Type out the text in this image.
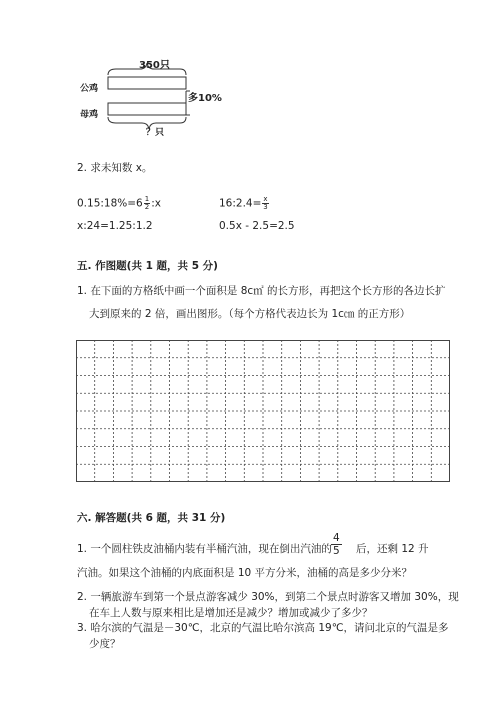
350只
公鸡
母鸡
多10%
？只
2. 求未知数 x。
0.15:18%=6 $\frac{1}{2}$ :x	16:2.4= $\frac{x}{3}$
x:24=1.25:1.2	0.5x - 2.5=2.5
五. 作图题(共 1 题，共 5 分)
1. 在下面的方格纸中画一个面积是 8c㎡ 的长方形，再把这个长方形的各边长扩
大到原来的 2 倍，画出图形。（每个方格代表边长为 1c㎝ 的正方形）
六. 解答题(共 6 题，共 31 分)
1. 一个圆柱铁皮油桶内装有半桶汽油，现在倒出汽油的
4
5 后，还剩 12 升
汽油。如果这个油桶的内底面积是 10 平方分米，油桶的高是多少分米？
2. 一辆旅游车到第一个景点游客减少 30%，到第二个景点时游客又增加 30%，现
在车上人数与原来相比是增加还是减少？增加或减少了多少？
3. 哈尔滨的气温是－30℃，北京的气温比哈尔滨高 19℃，请问北京的气温是多
少度？
